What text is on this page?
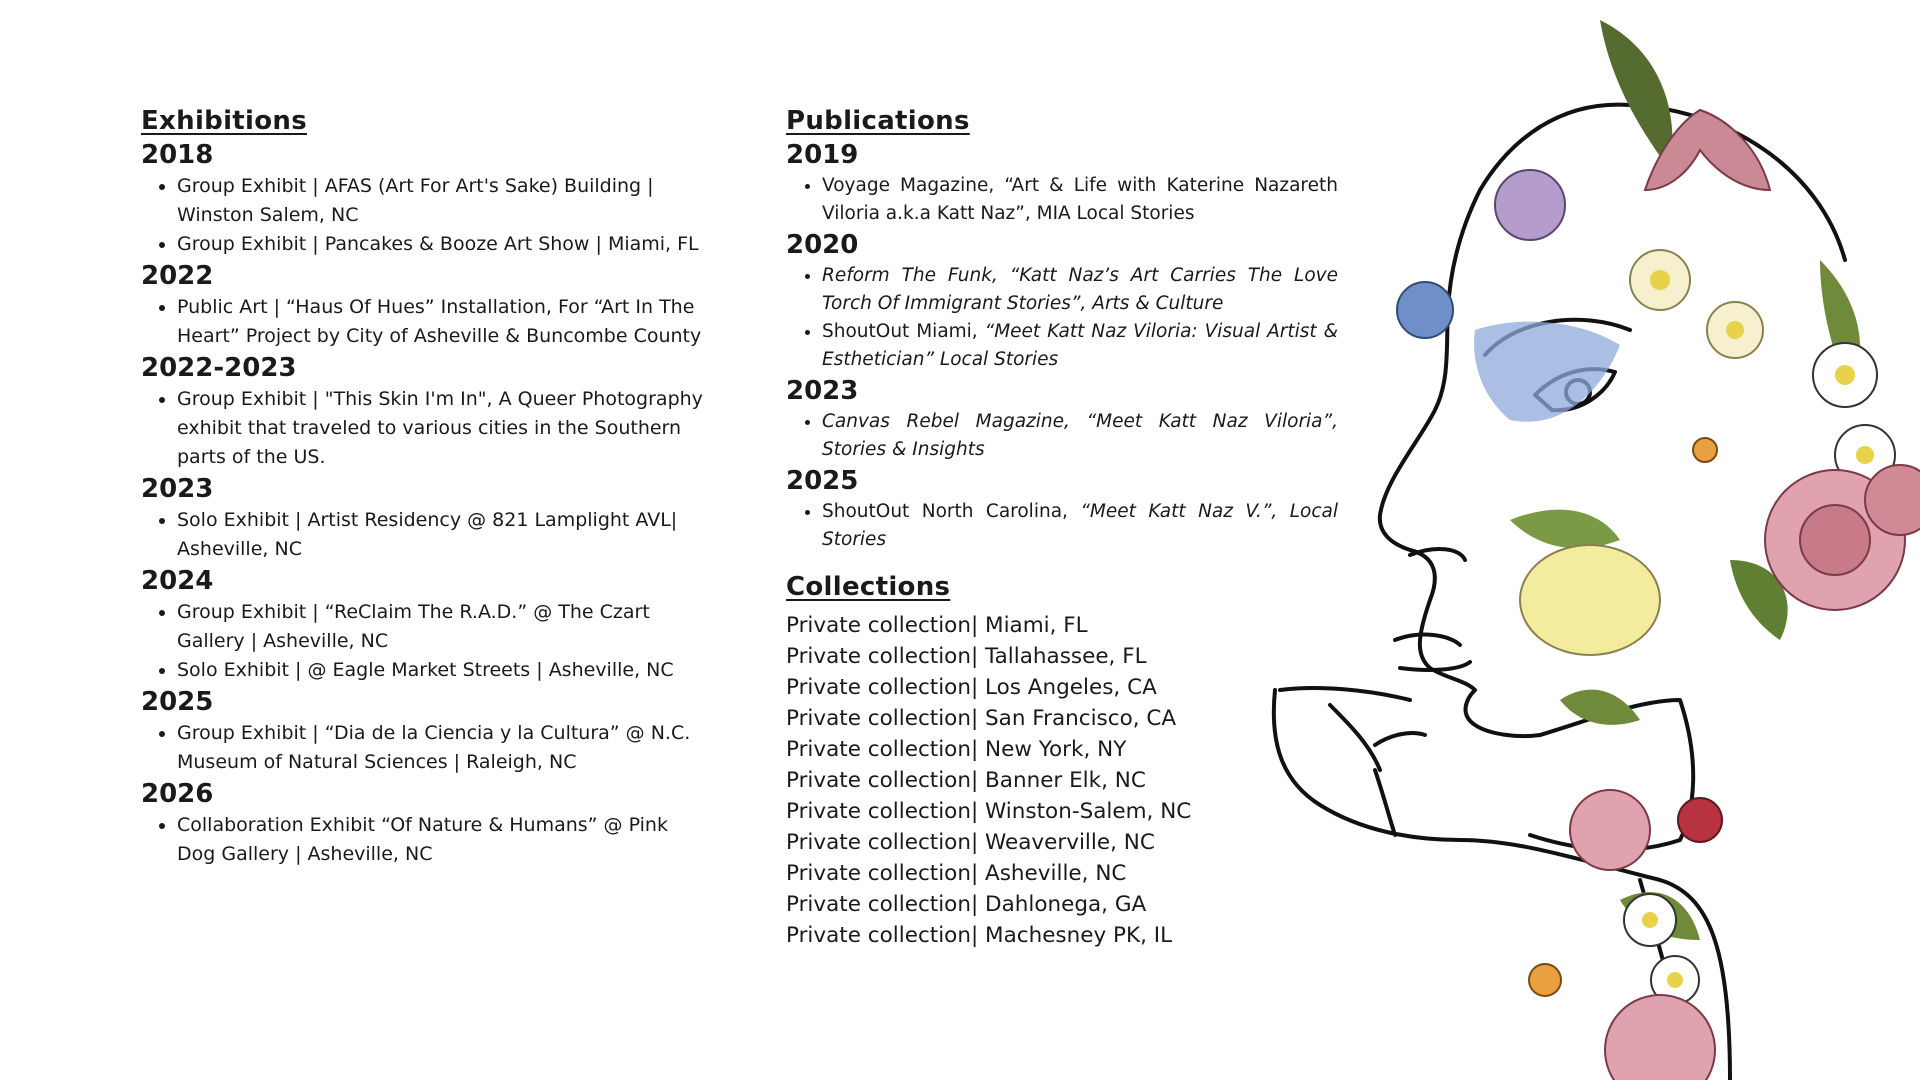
Exhibitions
2018
• Group Exhibit | AFAS (Art For Art's Sake) Building | Winston Salem, NC
• Group Exhibit | Pancakes & Booze Art Show | Miami, FL
2022
• Public Art | “Haus Of Hues” Installation, For “Art In The Heart” Project by City of Asheville & Buncombe County
2022-2023
• Group Exhibit | "This Skin I'm In", A Queer Photography exhibit that traveled to various cities in the Southern parts of the US.
2023
• Solo Exhibit | Artist Residency @ 821 Lamplight AVL| Asheville, NC
2024
• Group Exhibit | “ReClaim The R.A.D.” @ The Czart Gallery | Asheville, NC
• Solo Exhibit | @ Eagle Market Streets | Asheville, NC
2025
• Group Exhibit | “Dia de la Ciencia y la Cultura” @ N.C. Museum of Natural Sciences | Raleigh, NC
2026
• Collaboration Exhibit “Of Nature & Humans” @ Pink Dog Gallery | Asheville, NC
Publications
2019
• Voyage Magazine, “Art & Life with Katerine Nazareth Viloria a.k.a Katt Naz”, MIA Local Stories
2020
• Reform The Funk, “Katt Naz’s Art Carries The Love Torch Of Immigrant Stories”, Arts & Culture
• ShoutOut Miami, “Meet Katt Naz Viloria: Visual Artist & Esthetician” Local Stories
2023
• Canvas Rebel Magazine, “Meet Katt Naz Viloria”, Stories & Insights
2025
• ShoutOut North Carolina, “Meet Katt Naz V.”, Local Stories
Collections
Private collection| Miami, FL
Private collection| Tallahassee, FL
Private collection| Los Angeles, CA
Private collection| San Francisco, CA
Private collection| New York, NY
Private collection| Banner Elk, NC
Private collection| Winston-Salem, NC
Private collection| Weaverville, NC
Private collection| Asheville, NC
Private collection| Dahlonega, GA
Private collection| Machesney PK, IL
